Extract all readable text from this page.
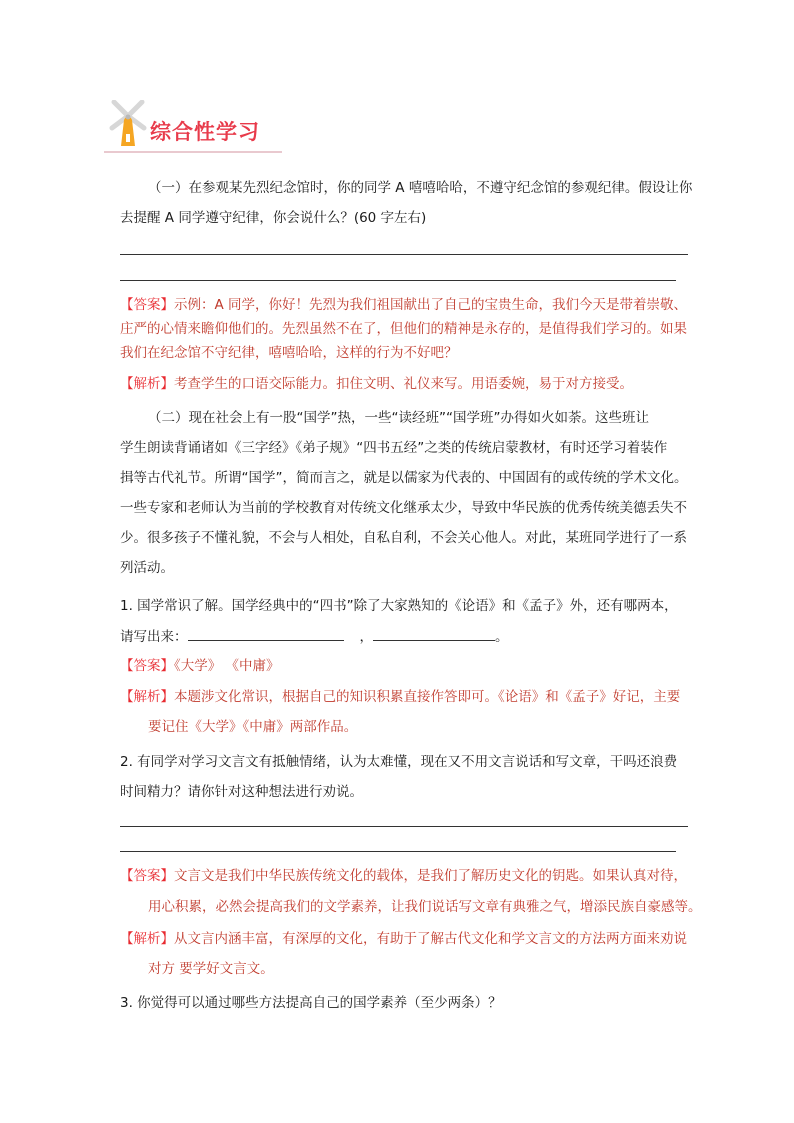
综合性学习
（一）在参观某先烈纪念馆时，你的同学 A 嘻嘻哈哈，不遵守纪念馆的参观纪律。假设让你
去提醒 A 同学遵守纪律，你会说什么？(60 字左右)
【答案】示例：A 同学，你好！先烈为我们祖国献出了自己的宝贵生命，我们今天是带着崇敬、
庄严的心情来瞻仰他们的。先烈虽然不在了，但他们的精神是永存的，是值得我们学习的。如果
我们在纪念馆不守纪律，嘻嘻哈哈，这样的行为不好吧？
【解析】考查学生的口语交际能力。扣住文明、礼仪来写。用语委婉，易于对方接受。
（二）现在社会上有一股“国学”热，一些“读经班”“国学班”办得如火如荼。这些班让
学生朗读背诵诸如《三字经》《弟子规》“四书五经”之类的传统启蒙教材，有时还学习着装作
揖等古代礼节。所谓“国学”，简而言之，就是以儒家为代表的、中国固有的或传统的学术文化。
一些专家和老师认为当前的学校教育对传统文化继承太少，导致中华民族的优秀传统美德丢失不
少。很多孩子不懂礼貌，不会与人相处，自私自利，不会关心他人。对此，某班同学进行了一系
列活动。
1. 国学常识了解。国学经典中的“四书”除了大家熟知的《论语》和《孟子》外，还有哪两本，
请写出来：	，	。
【答案】《大学》 《中庸》
【解析】本题涉文化常识，根据自己的知识积累直接作答即可。《论语》和《孟子》好记，主要
要记住《大学》《中庸》两部作品。
2. 有同学对学习文言文有抵触情绪，认为太难懂，现在又不用文言说话和写文章，干吗还浪费
时间精力？请你针对这种想法进行劝说。
【答案】文言文是我们中华民族传统文化的载体，是我们了解历史文化的钥匙。如果认真对待，
用心积累，必然会提高我们的文学素养，让我们说话写文章有典雅之气，增添民族自豪感等。
【解析】从文言内涵丰富，有深厚的文化，有助于了解古代文化和学文言文的方法两方面来劝说
对方 要学好文言文。
3. 你觉得可以通过哪些方法提高自己的国学素养（至少两条）？
